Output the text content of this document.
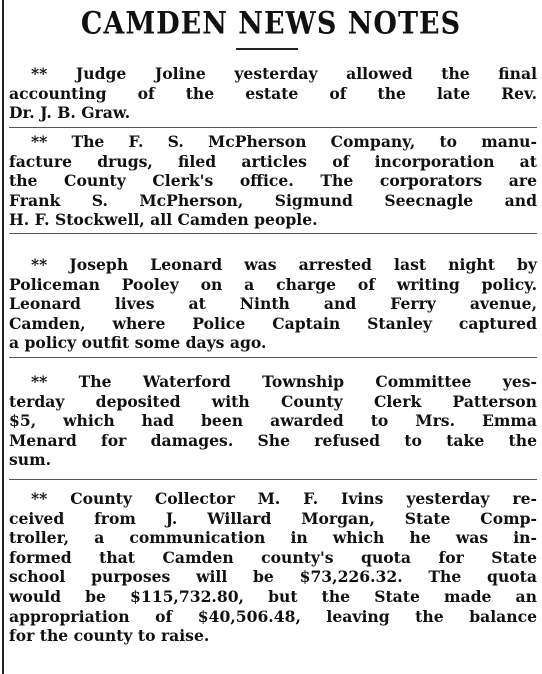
CAMDEN NEWS NOTES
** Judge Joline yesterday allowed the final
accounting of the estate of the late Rev.
Dr. J. B. Graw.
** The F. S. McPherson Company, to manu-
facture drugs, filed articles of incorporation at
the County Clerk's office. The corporators are
Frank S. McPherson, Sigmund Seecnagle and
H. F. Stockwell, all Camden people.
** Joseph Leonard was arrested last night by
Policeman Pooley on a charge of writing policy.
Leonard lives at Ninth and Ferry avenue,
Camden, where Police Captain Stanley captured
a policy outfit some days ago.
** The Waterford Township Committee yes-
terday deposited with County Clerk Patterson
$5, which had been awarded to Mrs. Emma
Menard for damages. She refused to take the
sum.
** County Collector M. F. Ivins yesterday re-
ceived from J. Willard Morgan, State Comp-
troller, a communication in which he was in-
formed that Camden county's quota for State
school purposes will be $73,226.32. The quota
would be $115,732.80, but the State made an
appropriation of $40,506.48, leaving the balance
for the county to raise.
